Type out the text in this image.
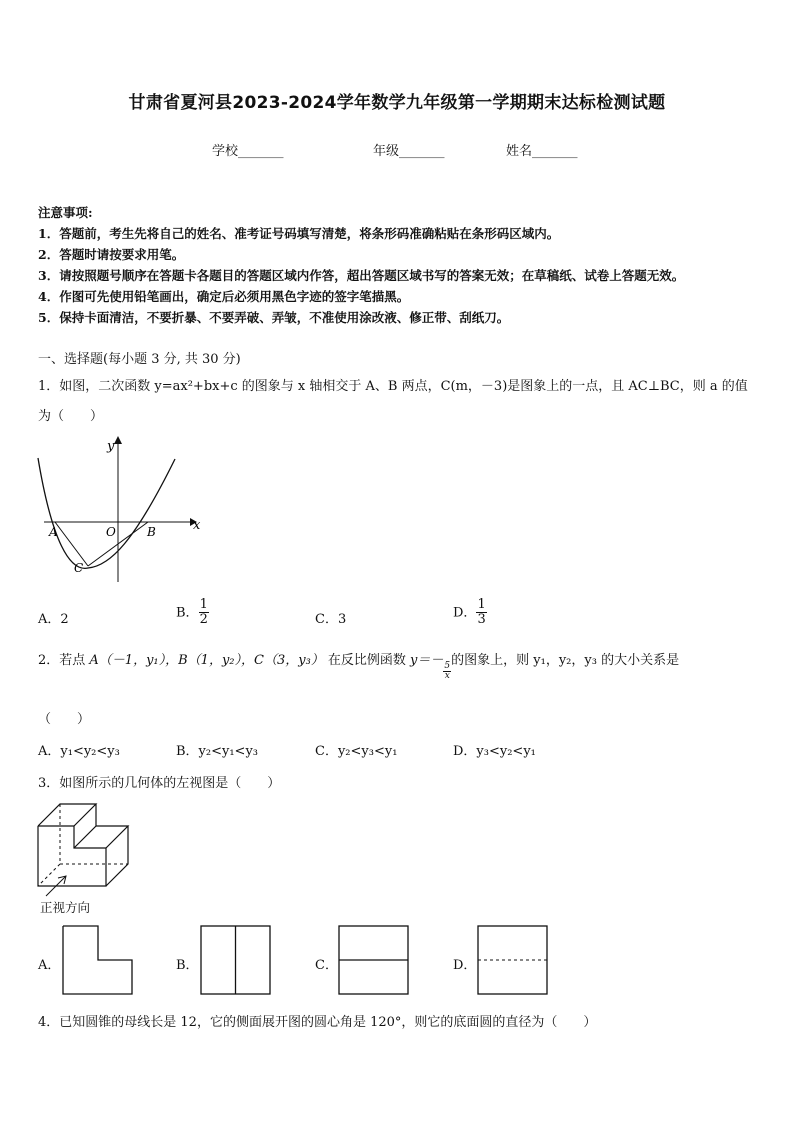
甘肃省夏河县2023-2024学年数学九年级第一学期期末达标检测试题
学校_______	年级_______	姓名_______
注意事项:
1．答题前，考生先将自己的姓名、准考证号码填写清楚，将条形码准确粘贴在条形码区域内。
2．答题时请按要求用笔。
3．请按照题号顺序在答题卡各题目的答题区域内作答，超出答题区域书写的答案无效；在草稿纸、试卷上答题无效。
4．作图可先使用铅笔画出，确定后必须用黑色字迹的签字笔描黑。
5．保持卡面清洁，不要折暴、不要弄破、弄皱，不准使用涂改液、修正带、刮纸刀。
一、选择题(每小题 3 分, 共 30 分)
1．如图，二次函数 y=ax²+bx+c 的图象与 x 轴相交于 A、B 两点，C(m，－3)是图象上的一点，且 AC⊥BC，则 a 的值
为（　　）
y
x
A	O	B
C
A．2	B． $\frac{1}{2}$	C．3	D． $\frac{1}{3}$
2．若点 A（－1，y₁），B（1，y₂），C（3，y₃） 在反比例函数 y＝－
$\frac{5}{x}$
的图象上，则 y₁，y₂，y₃ 的大小关系是
（　　）
A．y₁<y₂<y₃	B．y₂<y₁<y₃	C．y₂<y₃<y₁	D．y₃<y₂<y₁
3．如图所示的几何体的左视图是（　　）
正视方向
A．	B．	C．	D．
4．已知圆锥的母线长是 12，它的侧面展开图的圆心角是 120°，则它的底面圆的直径为（　　）
